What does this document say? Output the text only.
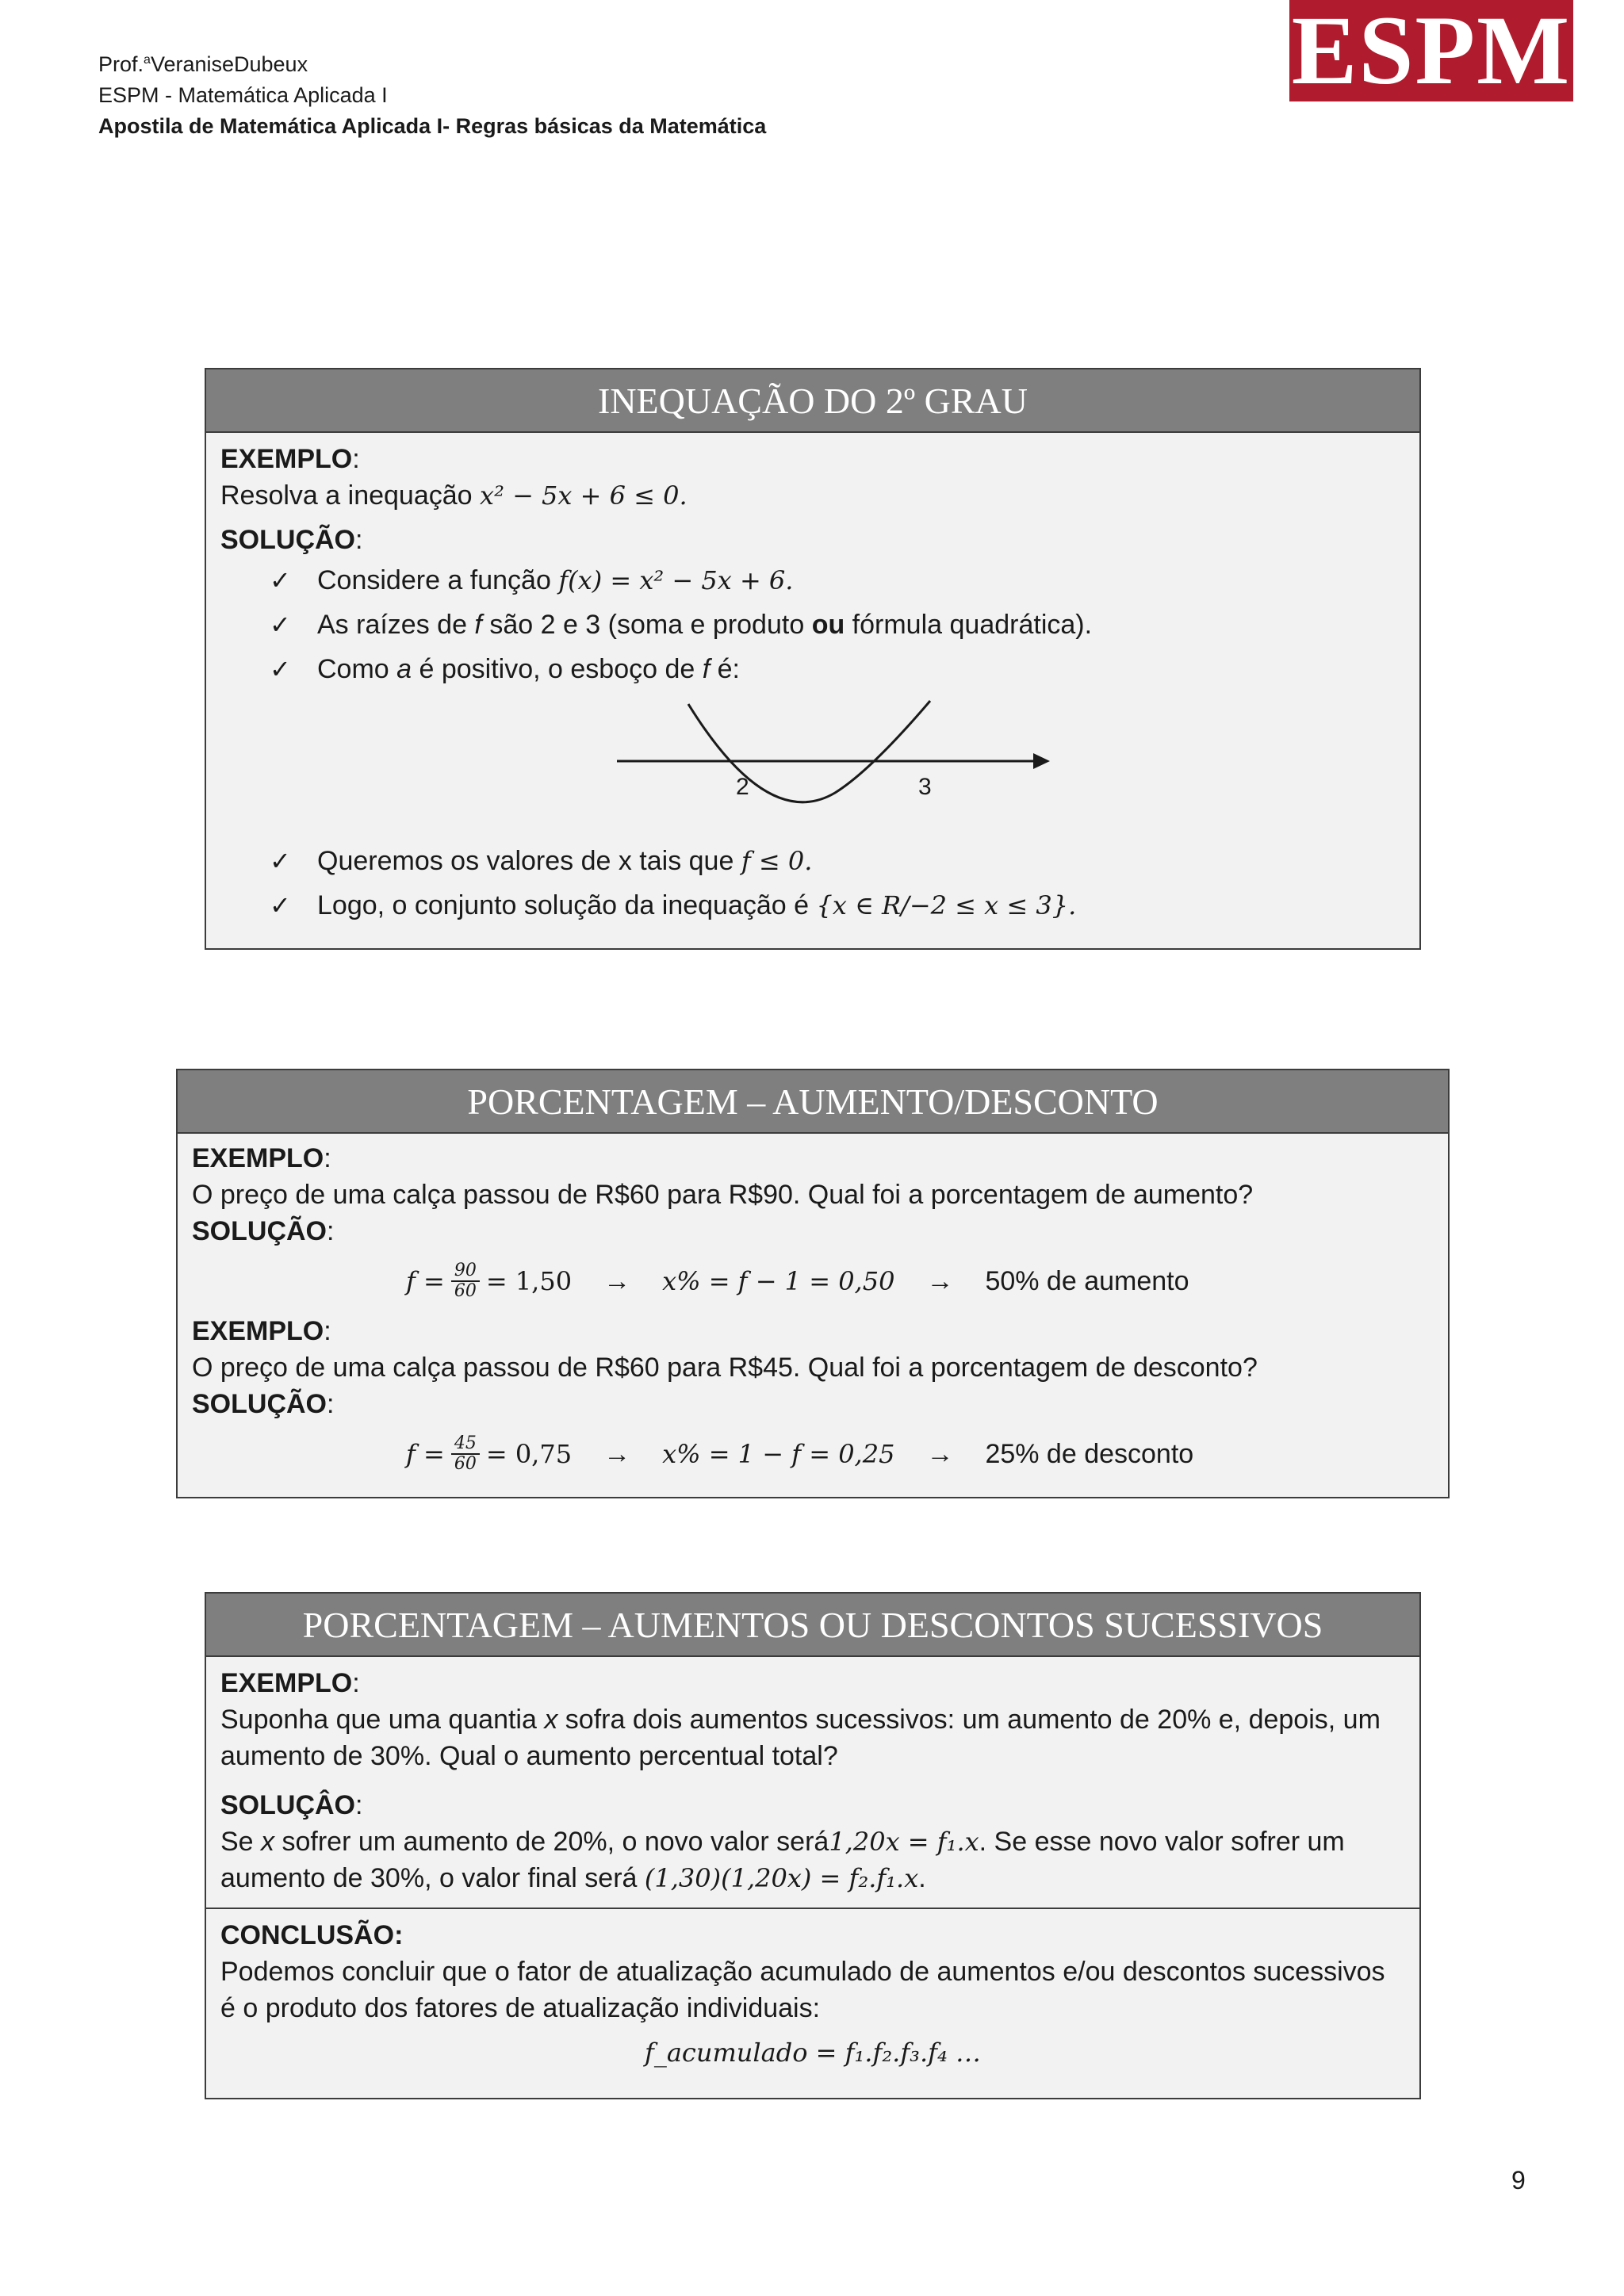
Prof.$^a$VeraniseDubeux
ESPM - Matemática Aplicada I
Apostila de Matemática Aplicada I- Regras básicas da Matemática
ESPM
INEQUAÇÃO DO 2º GRAU
EXEMPLO:
Resolva a inequação x² − 5x + 6 ≤ 0.
SOLUÇÃO:
✓ Considere a função f(x) = x² − 5x + 6.
✓ As raízes de f são 2 e 3 (soma e produto ou fórmula quadrática).
✓ Como a é positivo, o esboço de f é:
2	3
✓ Queremos os valores de x tais que f ≤ 0.
✓ Logo, o conjunto solução da inequação é {x ∈ R/−2 ≤ x ≤ 3}.
PORCENTAGEM – AUMENTO/DESCONTO
EXEMPLO:
O preço de uma calça passou de R$60 para R$90. Qual foi a porcentagem de aumento?
SOLUÇÃO:
$f = \frac{90}{60} = 1,50 \to x\% = f - 1 = 0,50 \to 50\%$ de aumento
EXEMPLO:
O preço de uma calça passou de R$60 para R$45. Qual foi a porcentagem de desconto?
SOLUÇÃO:
$f = \frac{45}{60} = 0,75 \to x\% = 1 - f = 0,25 \to 25\%$ de desconto
PORCENTAGEM – AUMENTOS OU DESCONTOS SUCESSIVOS
EXEMPLO:
Suponha que uma quantia x sofra dois aumentos sucessivos: um aumento de 20% e, depois, um aumento de 30%. Qual o aumento percentual total?
SOLUÇÂO:
Se x sofrer um aumento de 20%, o novo valor será1,20x = f₁.x. Se esse novo valor sofrer um aumento de 30%, o valor final será (1,30)(1,20x) = f₂.f₁.x.
CONCLUSÃO:
Podemos concluir que o fator de atualização acumulado de aumentos e/ou descontos sucessivos é o produto dos fatores de atualização individuais:
f_acumulado = f₁.f₂.f₃.f₄ …
9
